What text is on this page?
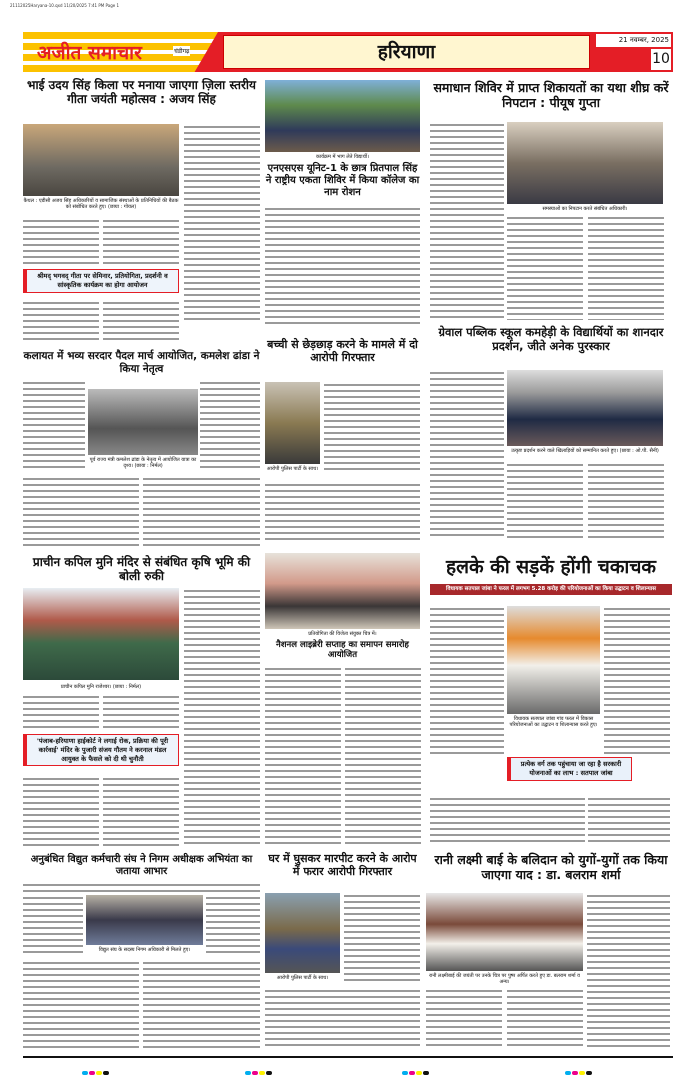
21112025Haryana-10.qxd 11/20/2025 7:41 PM Page 1
अजीत समाचार	चंडीगढ़	हरियाणा
21 नवम्बर, 2025
10
भाई उदय सिंह किला पर मनाया जाएगा ज़िला स्तरीय गीता जयंती महोत्सव : अजय सिंह
कैथल : एडीसी अजय सिंह अधिकारियों व सामाजिक संस्थाओं के प्रतिनिधियों की बैठक को संबोधित करते हुए। (छाया : गोयल)
श्रीमद् भगवद् गीता पर सेमिनार, प्रतियोगिता, प्रदर्शनी व सांस्कृतिक कार्यक्रम का होगा आयोजन
कार्यक्रम में भाग लेते विद्यार्थी।
एनएसएस यूनिट-1 के छात्र प्रितपाल सिंह ने राष्ट्रीय एकता शिविर में किया कॉलेज का नाम रोशन
समाधान शिविर में प्राप्त शिकायतों का यथा शीघ्र करें निपटान : पीयूष गुप्ता
समस्याओं का निपटान करते संबंधित अधिकारी।
कलायत में भव्य सरदार पैदल मार्च आयोजित, कमलेश ढांडा ने किया नेतृत्व
पूर्व राज्य मंत्री कमलेश ढांडा के नेतृत्व में आयोजित यात्रा का दृश्य। (छाया : निर्मल)
बच्ची से छेड़छाड़ करने के मामले में दो आरोपी गिरफ्तार
आरोपी पुलिस पार्टी के साथ।
ग्रेवाल पब्लिक स्कूल कमहेड़ी के विद्यार्थियों का शानदार प्रदर्शन, जीते अनेक पुरस्कार
उत्कृष्ट प्रदर्शन करने वाले खिलाड़ियों को सम्मानित करते हुए। (छाया : ओ.पी. सैनी)
प्राचीन कपिल मुनि मंदिर से संबंधित कृषि भूमि की बोली रुकी
प्राचीन कपिल मुनि राजेश्वर। (छाया : निर्मल)
'पंजाब-हरियाणा हाईकोर्ट ने लगाई रोक, प्रक्रिया की पूरी कार्रवाई' मंदिर के पुजारी संजय गौतम ने करनाल मंडल आयुक्त के फैसले को दी थी चुनौती
प्रतियोगिता की विजेता संयुक्त चित्र में।
नैशनल लाइब्रेरी सप्ताह का समापन समारोह आयोजित
हलके की सड़कें होंगी चकाचक
विधायक सतपाल जांबा ने फरल में लगभग 5.28 करोड़ की परियोजनाओं का किया उद्घाटन व शिलान्यास
विधायक सतपाल जांबा गांव फरल में विकास परियोजनाओं का उद्घाटन व शिलान्यास करते हुए।
प्रत्येक वर्ग तक पहुंचाया जा रहा है सरकारी योजनाओं का लाभ : सतपाल जांबा
अनुबंधित विद्युत कर्मचारी संघ ने निगम अधीक्षक अभियंता का जताया आभार
विद्युत संघ के सदस्य निगम अधिकारी से मिलते हुए।
घर में घुसकर मारपीट करने के आरोप में फरार आरोपी गिरफ्तार
आरोपी पुलिस पार्टी के साथ।
रानी लक्ष्मी बाई के बलिदान को युगों-युगों तक किया जाएगा याद : डा. बलराम शर्मा
रानी लक्ष्मीबाई की जयंती पर उनके चित्र पर पुष्प अर्पित करते हुए डा. बलराम शर्मा व अन्य।
